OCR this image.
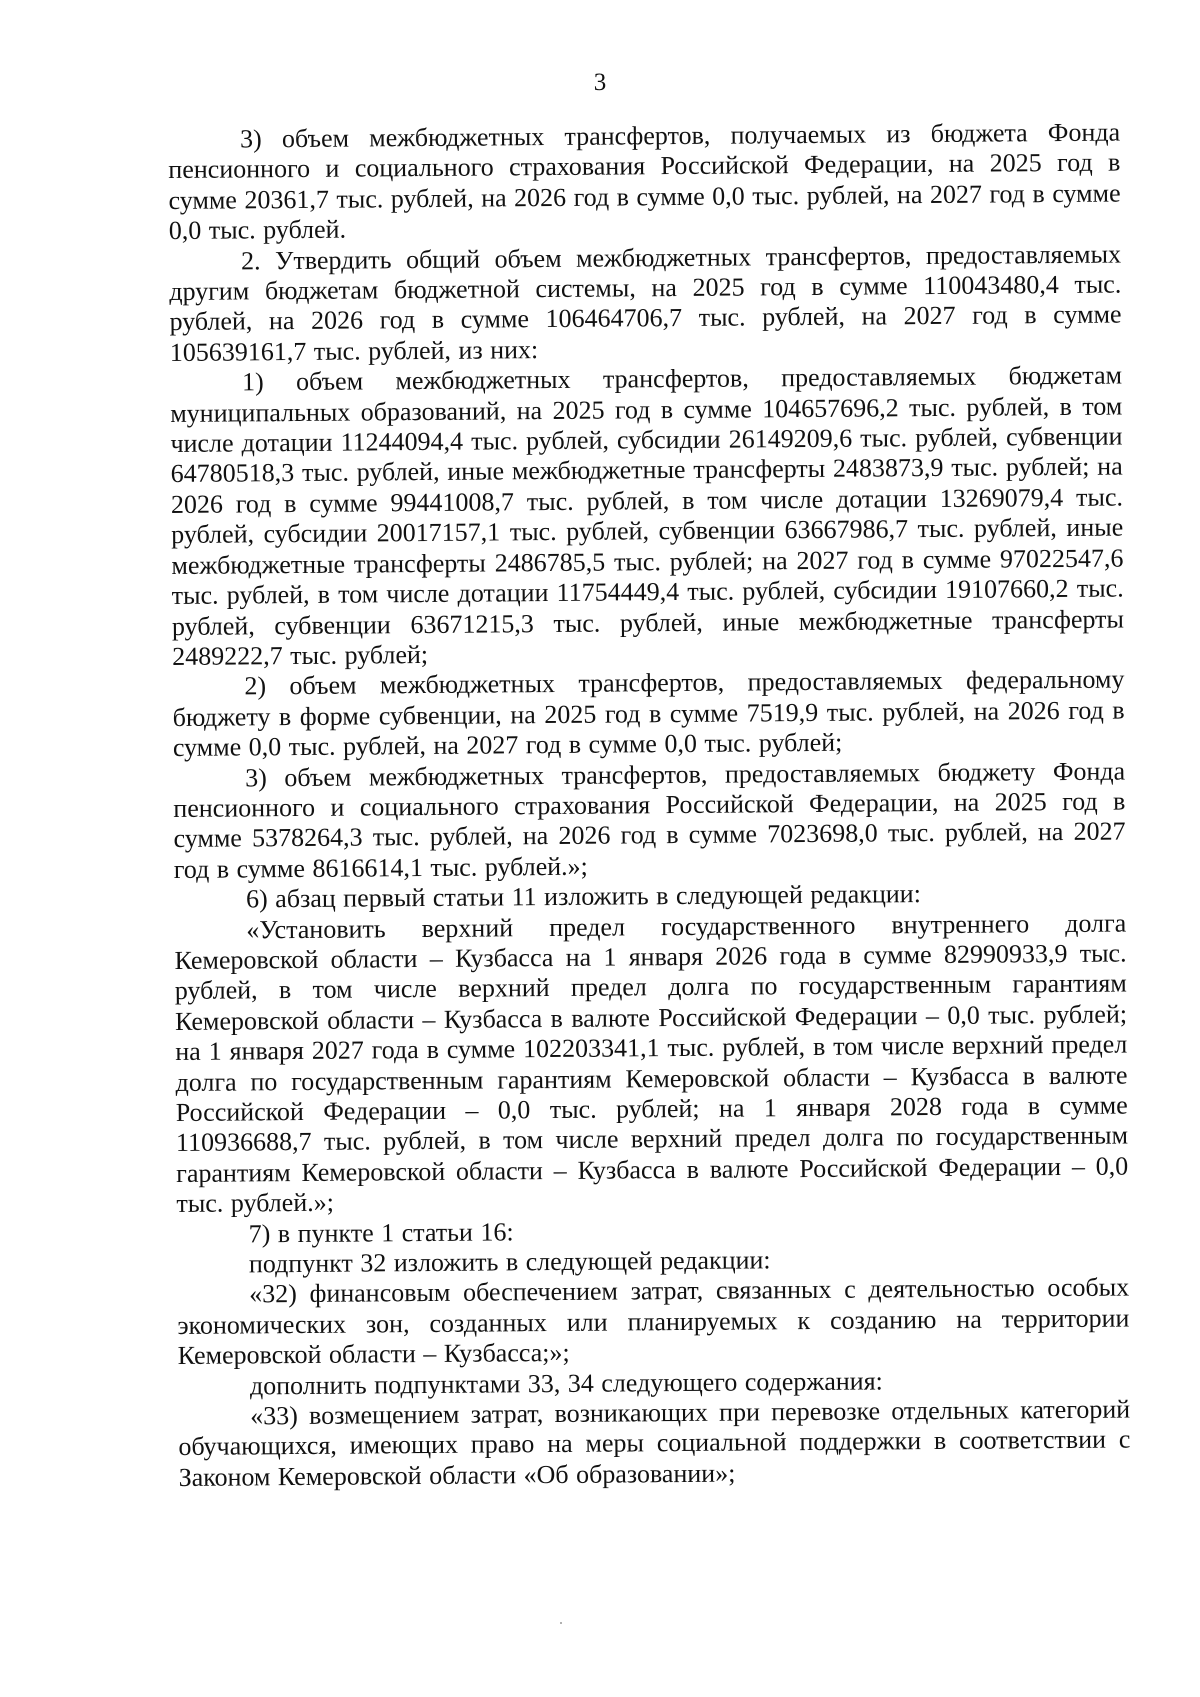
3

3) объем межбюджетных трансфертов, получаемых из бюджета Фонда пенсионного и социального страхования Российской Федерации, на 2025 год в сумме 20361,7 тыс. рублей, на 2026 год в сумме 0,0 тыс. рублей, на 2027 год в сумме 0,0 тыс. рублей.

2. Утвердить общий объем межбюджетных трансфертов, предоставляемых другим бюджетам бюджетной системы, на 2025 год в сумме 110043480,4 тыс. рублей, на 2026 год в сумме 106464706,7 тыс. рублей, на 2027 год в сумме 105639161,7 тыс. рублей, из них:

1) объем межбюджетных трансфертов, предоставляемых бюджетам муниципальных образований, на 2025 год в сумме 104657696,2 тыс. рублей, в том числе дотации 11244094,4 тыс. рублей, субсидии 26149209,6 тыс. рублей, субвенции 64780518,3 тыс. рублей, иные межбюджетные трансферты 2483873,9 тыс. рублей; на 2026 год в сумме 99441008,7 тыс. рублей, в том числе дотации 13269079,4 тыс. рублей, субсидии 20017157,1 тыс. рублей, субвенции 63667986,7 тыс. рублей, иные межбюджетные трансферты 2486785,5 тыс. рублей; на 2027 год в сумме 97022547,6 тыс. рублей, в том числе дотации 11754449,4 тыс. рублей, субсидии 19107660,2 тыс. рублей, субвенции 63671215,3 тыс. рублей, иные межбюджетные трансферты 2489222,7 тыс. рублей;

2) объем межбюджетных трансфертов, предоставляемых федеральному бюджету в форме субвенции, на 2025 год в сумме 7519,9 тыс. рублей, на 2026 год в сумме 0,0 тыс. рублей, на 2027 год в сумме 0,0 тыс. рублей;

3) объем межбюджетных трансфертов, предоставляемых бюджету Фонда пенсионного и социального страхования Российской Федерации, на 2025 год в сумме 5378264,3 тыс. рублей, на 2026 год в сумме 7023698,0 тыс. рублей, на 2027 год в сумме 8616614,1 тыс. рублей.»;

6) абзац первый статьи 11 изложить в следующей редакции:

«Установить верхний предел государственного внутреннего долга Кемеровской области – Кузбасса на 1 января 2026 года в сумме 82990933,9 тыс. рублей, в том числе верхний предел долга по государственным гарантиям Кемеровской области – Кузбасса в валюте Российской Федерации – 0,0 тыс. рублей; на 1 января 2027 года в сумме 102203341,1 тыс. рублей, в том числе верхний предел долга по государственным гарантиям Кемеровской области – Кузбасса в валюте Российской Федерации – 0,0 тыс. рублей; на 1 января 2028 года в сумме 110936688,7 тыс. рублей, в том числе верхний предел долга по государственным гарантиям Кемеровской области – Кузбасса в валюте Российской Федерации – 0,0 тыс. рублей.»;

7) в пункте 1 статьи 16:

подпункт 32 изложить в следующей редакции:

«32) финансовым обеспечением затрат, связанных с деятельностью особых экономических зон, созданных или планируемых к созданию на территории Кемеровской области – Кузбасса;»;

дополнить подпунктами 33, 34 следующего содержания:

«33) возмещением затрат, возникающих при перевозке отдельных категорий обучающихся, имеющих право на меры социальной поддержки в соответствии с Законом Кемеровской области «Об образовании»;
